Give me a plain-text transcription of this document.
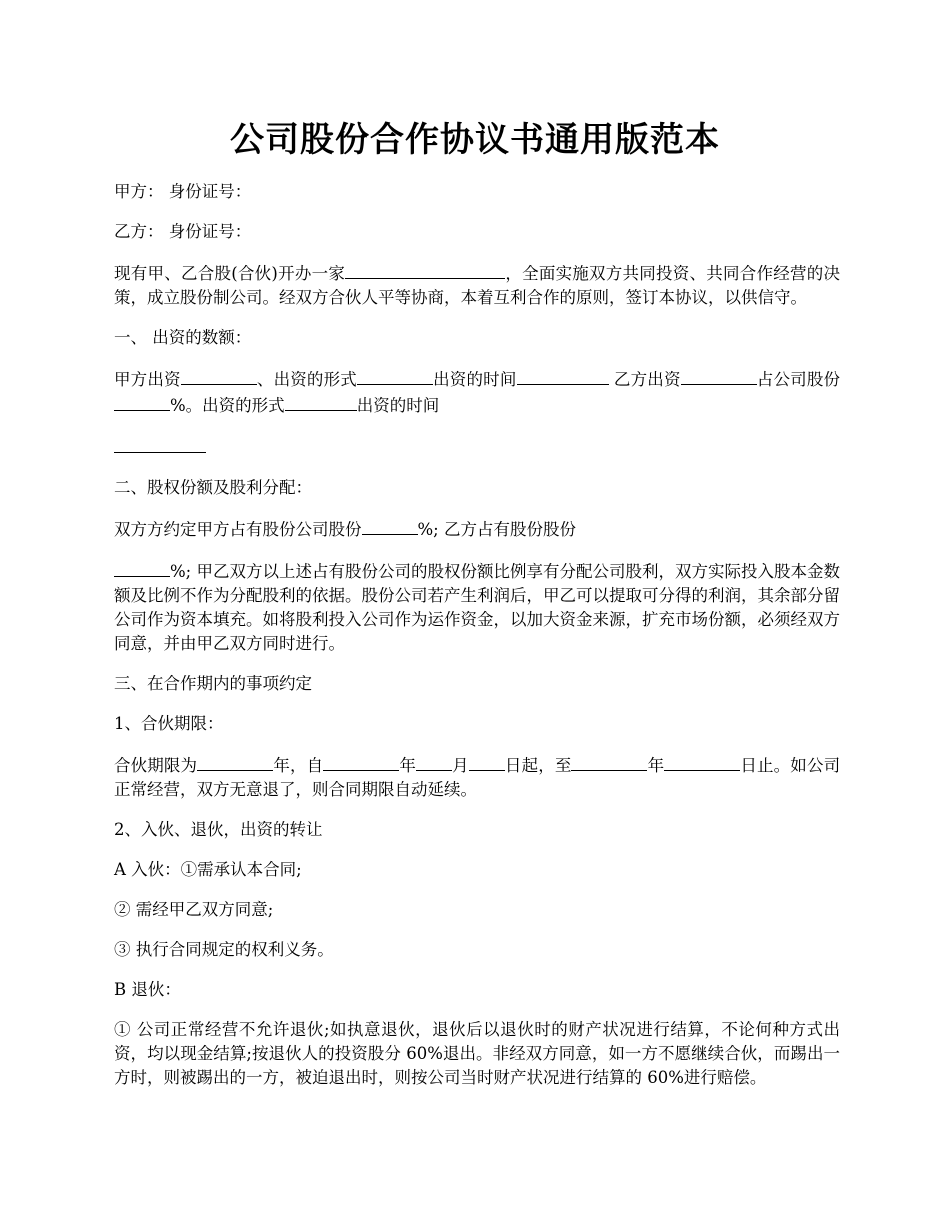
公司股份合作协议书通用版范本

甲方： 身份证号：

乙方： 身份证号：

现有甲、乙合股(合伙)开办一家	，全面实施双方共同投资、共同合作经营的决策，成立股份制公司。经双方合伙人平等协商，本着互利合作的原则，签订本协议，以供信守。

一、 出资的数额：

甲方出资	、出资的形式	出资的时间	乙方出资	占公司股份%。出资的形式	出资的时间

二、股权份额及股利分配：

双方方约定甲方占有股份公司股份	%; 乙方占有股份股份

%; 甲乙双方以上述占有股份公司的股权份额比例享有分配公司股利，双方实际投入股本金数额及比例不作为分配股利的依据。股份公司若产生利润后，甲乙可以提取可分得的利润，其余部分留公司作为资本填充。如将股利投入公司作为运作资金，以加大资金来源，扩充市场份额，必须经双方同意，并由甲乙双方同时进行。

三、在合作期内的事项约定

1、合伙期限：

合伙期限为	年，自	年 月 日起，至	年	日止。如公司正常经营，双方无意退了，则合同期限自动延续。

2、入伙、退伙，出资的转让

A 入伙：①需承认本合同;

② 需经甲乙双方同意;

③ 执行合同规定的权利义务。

B 退伙：

① 公司正常经营不允许退伙;如执意退伙，退伙后以退伙时的财产状况进行结算，不论何种方式出资，均以现金结算;按退伙人的投资股分 60%退出。非经双方同意，如一方不愿继续合伙，而踢出一方时，则被踢出的一方，被迫退出时，则按公司当时财产状况进行结算的 60%进行赔偿。
